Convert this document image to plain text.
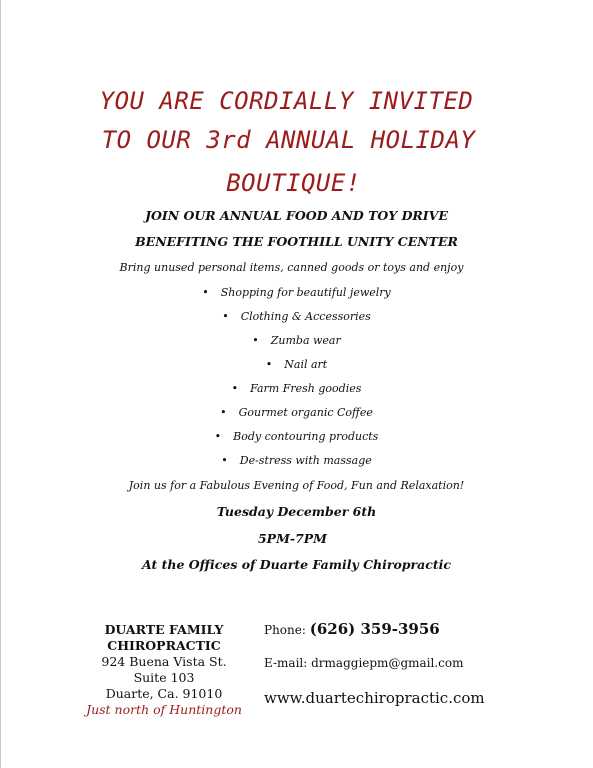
YOU ARE CORDIALLY INVITED
TO OUR 3rd ANNUAL HOLIDAY
BOUTIQUE!
JOIN OUR ANNUAL FOOD AND TOY DRIVE
BENEFITING THE FOOTHILL UNITY CENTER
Bring unused personal items, canned goods or toys and enjoy
• Shopping for beautiful jewelry
• Clothing & Accessories
• Zumba wear
• Nail art
• Farm Fresh goodies
• Gourmet organic Coffee
• Body contouring products
• De-stress with massage
Join us for a Fabulous Evening of Food, Fun and Relaxation!
Tuesday December 6th
5PM-7PM
At the Offices of Duarte Family Chiropractic
DUARTE FAMILY
CHIROPRACTIC
924 Buena Vista St.
Suite 103
Duarte, Ca. 91010
Just north of Huntington
Phone: (626) 359-3956
E-mail: drmaggiepm@gmail.com
www.duartechiropractic.com
